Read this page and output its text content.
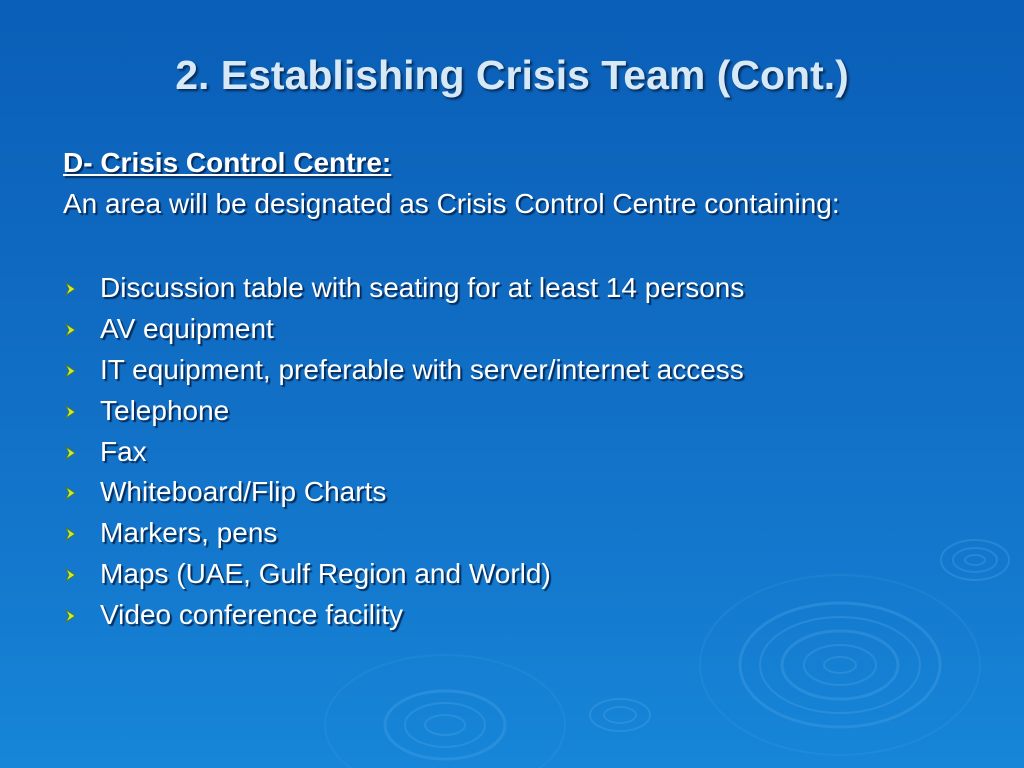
2. Establishing Crisis Team (Cont.)
D- Crisis Control Centre:
An area will be designated as Crisis Control Centre containing:
Discussion table with seating for at least 14 persons
AV equipment
IT equipment, preferable with server/internet access
Telephone
Fax
Whiteboard/Flip Charts
Markers, pens
Maps (UAE, Gulf Region and World)
Video conference facility
